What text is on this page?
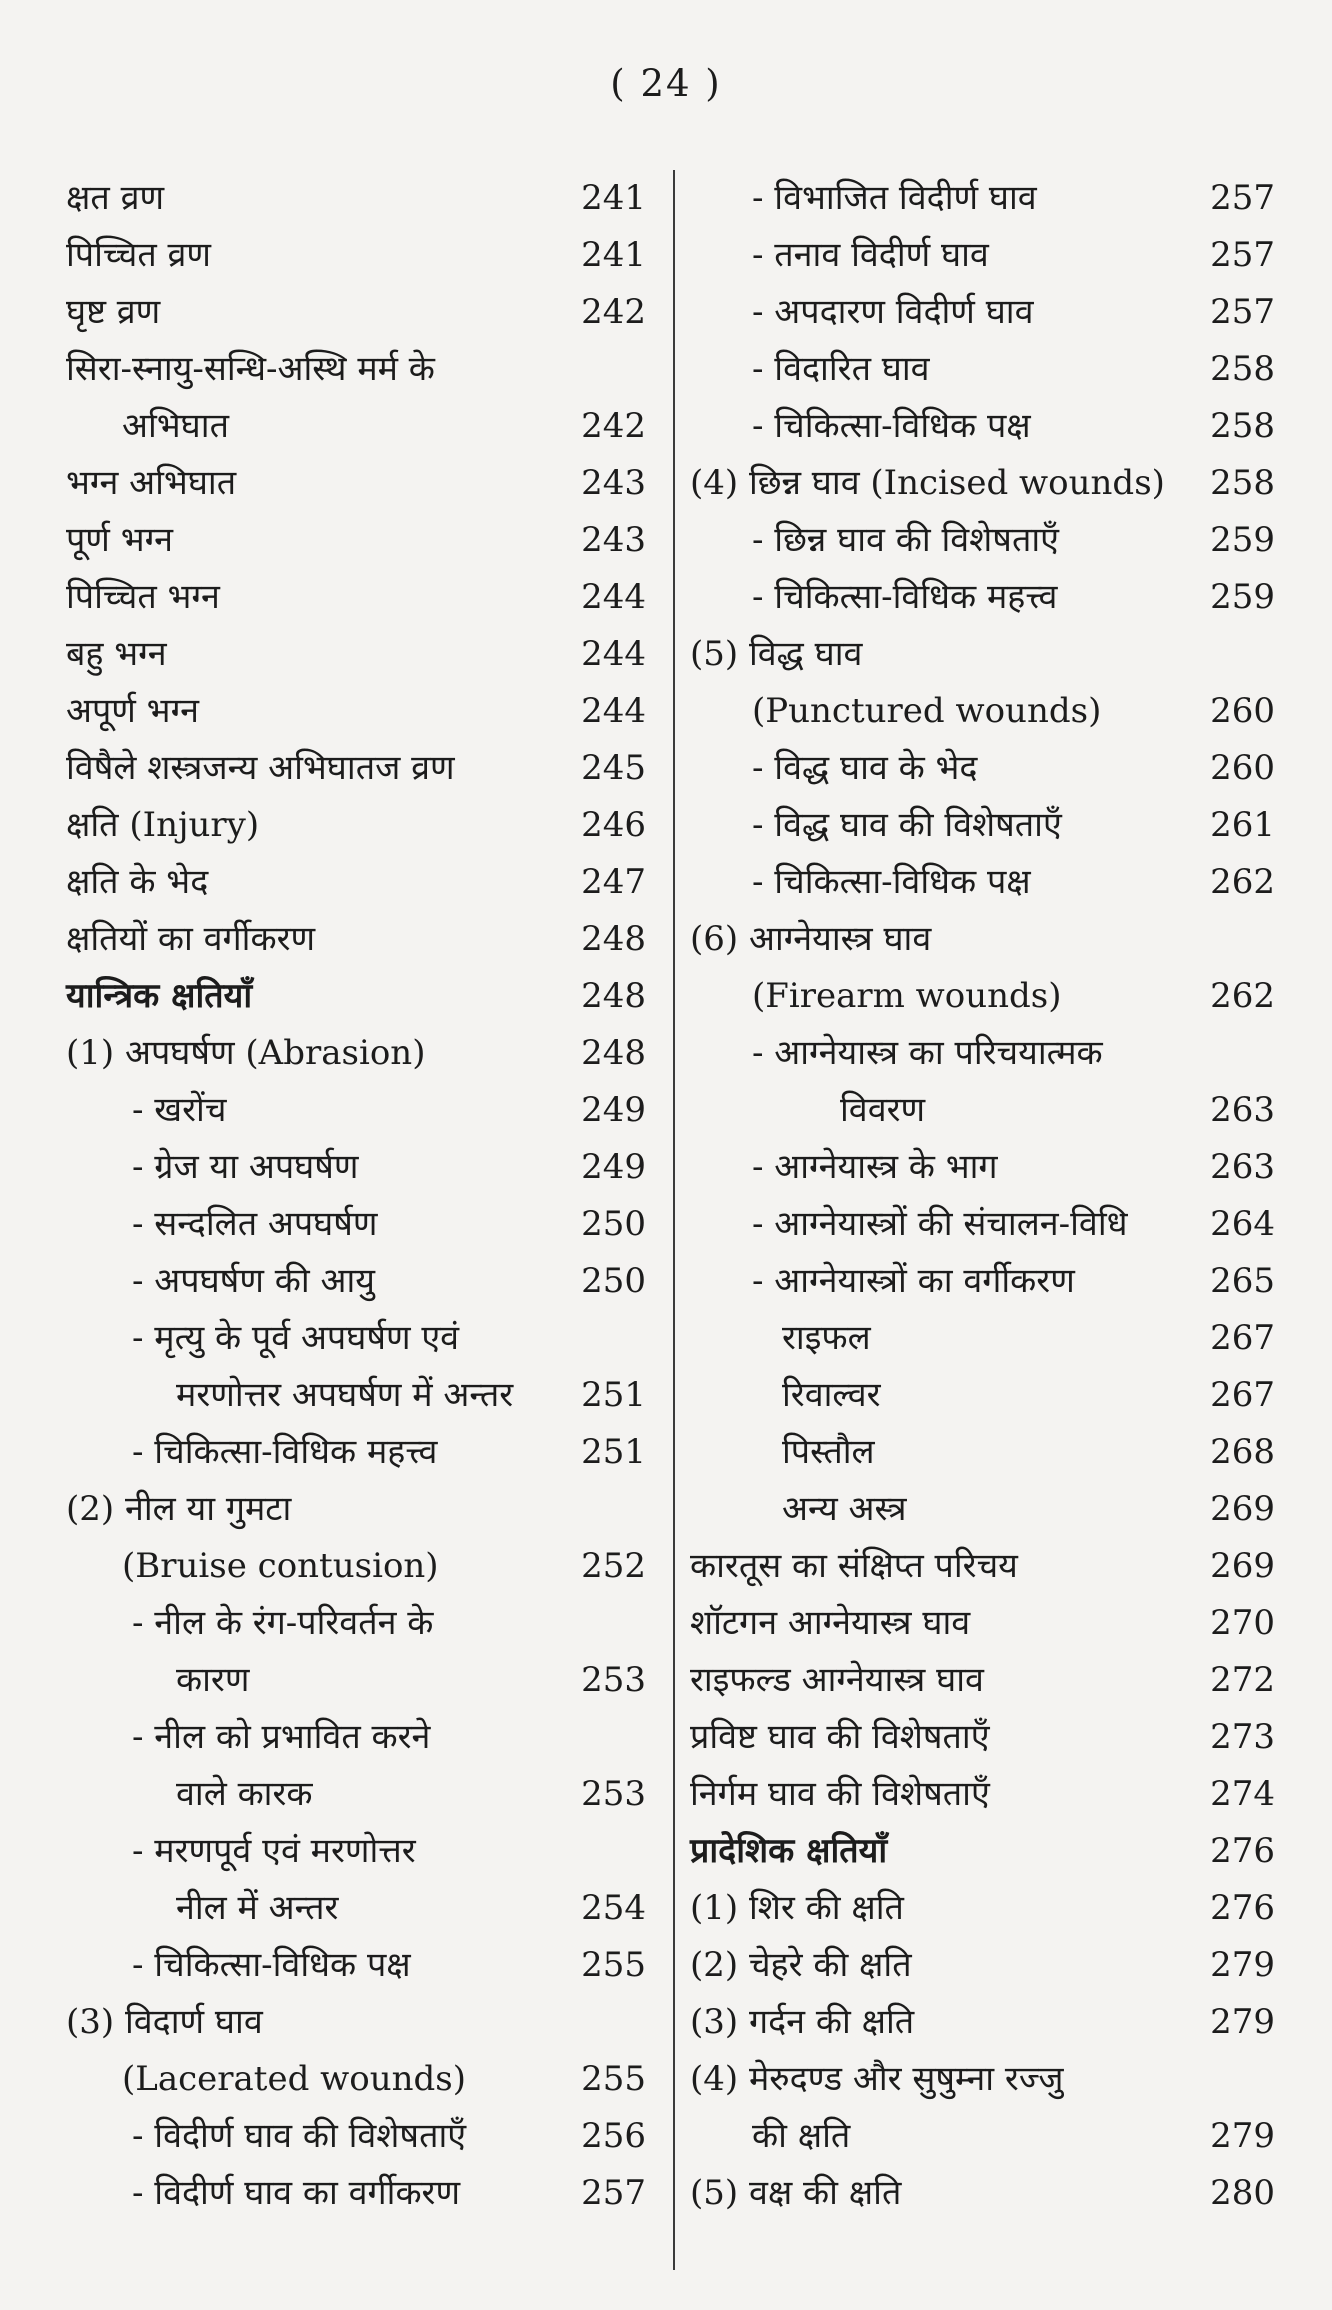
( 24 )
क्षत व्रण	241
पिच्चित व्रण	241
घृष्ट व्रण	242
सिरा-स्नायु-सन्धि-अस्थि मर्म के
अभिघात	242
भग्न अभिघात	243
पूर्ण भग्न	243
पिच्चित भग्न	244
बहु भग्न	244
अपूर्ण भग्न	244
विषैले शस्त्रजन्य अभिघातज व्रण	245
क्षति (Injury)	246
क्षति के भेद	247
क्षतियों का वर्गीकरण	248
यान्त्रिक क्षतियाँ	248
(1) अपघर्षण (Abrasion)	248
- खरोंच	249
- ग्रेज या अपघर्षण	249
- सन्दलित अपघर्षण	250
- अपघर्षण की आयु	250
- मृत्यु के पूर्व अपघर्षण एवं
मरणोत्तर अपघर्षण में अन्तर	251
- चिकित्सा-विधिक महत्त्व	251
(2) नील या गुमटा
(Bruise contusion)	252
- नील के रंग-परिवर्तन के
कारण	253
- नील को प्रभावित करने
वाले कारक	253
- मरणपूर्व एवं मरणोत्तर
नील में अन्तर	254
- चिकित्सा-विधिक पक्ष	255
(3) विदार्ण घाव
(Lacerated wounds)	255
- विदीर्ण घाव की विशेषताएँ	256
- विदीर्ण घाव का वर्गीकरण	257
- विभाजित विदीर्ण घाव	257
- तनाव विदीर्ण घाव	257
- अपदारण विदीर्ण घाव	257
- विदारित घाव	258
- चिकित्सा-विधिक पक्ष	258
(4) छिन्न घाव (Incised wounds)	258
- छिन्न घाव की विशेषताएँ	259
- चिकित्सा-विधिक महत्त्व	259
(5) विद्ध घाव
(Punctured wounds)	260
- विद्ध घाव के भेद	260
- विद्ध घाव की विशेषताएँ	261
- चिकित्सा-विधिक पक्ष	262
(6) आग्नेयास्त्र घाव
(Firearm wounds)	262
- आग्नेयास्त्र का परिचयात्मक
विवरण	263
- आग्नेयास्त्र के भाग	263
- आग्नेयास्त्रों की संचालन-विधि	264
- आग्नेयास्त्रों का वर्गीकरण	265
राइफल	267
रिवाल्वर	267
पिस्तौल	268
अन्य अस्त्र	269
कारतूस का संक्षिप्त परिचय	269
शॉटगन आग्नेयास्त्र घाव	270
राइफल्ड आग्नेयास्त्र घाव	272
प्रविष्ट घाव की विशेषताएँ	273
निर्गम घाव की विशेषताएँ	274
प्रादेशिक क्षतियाँ	276
(1) शिर की क्षति	276
(2) चेहरे की क्षति	279
(3) गर्दन की क्षति	279
(4) मेरुदण्ड और सुषुम्ना रज्जु
की क्षति	279
(5) वक्ष की क्षति	280
